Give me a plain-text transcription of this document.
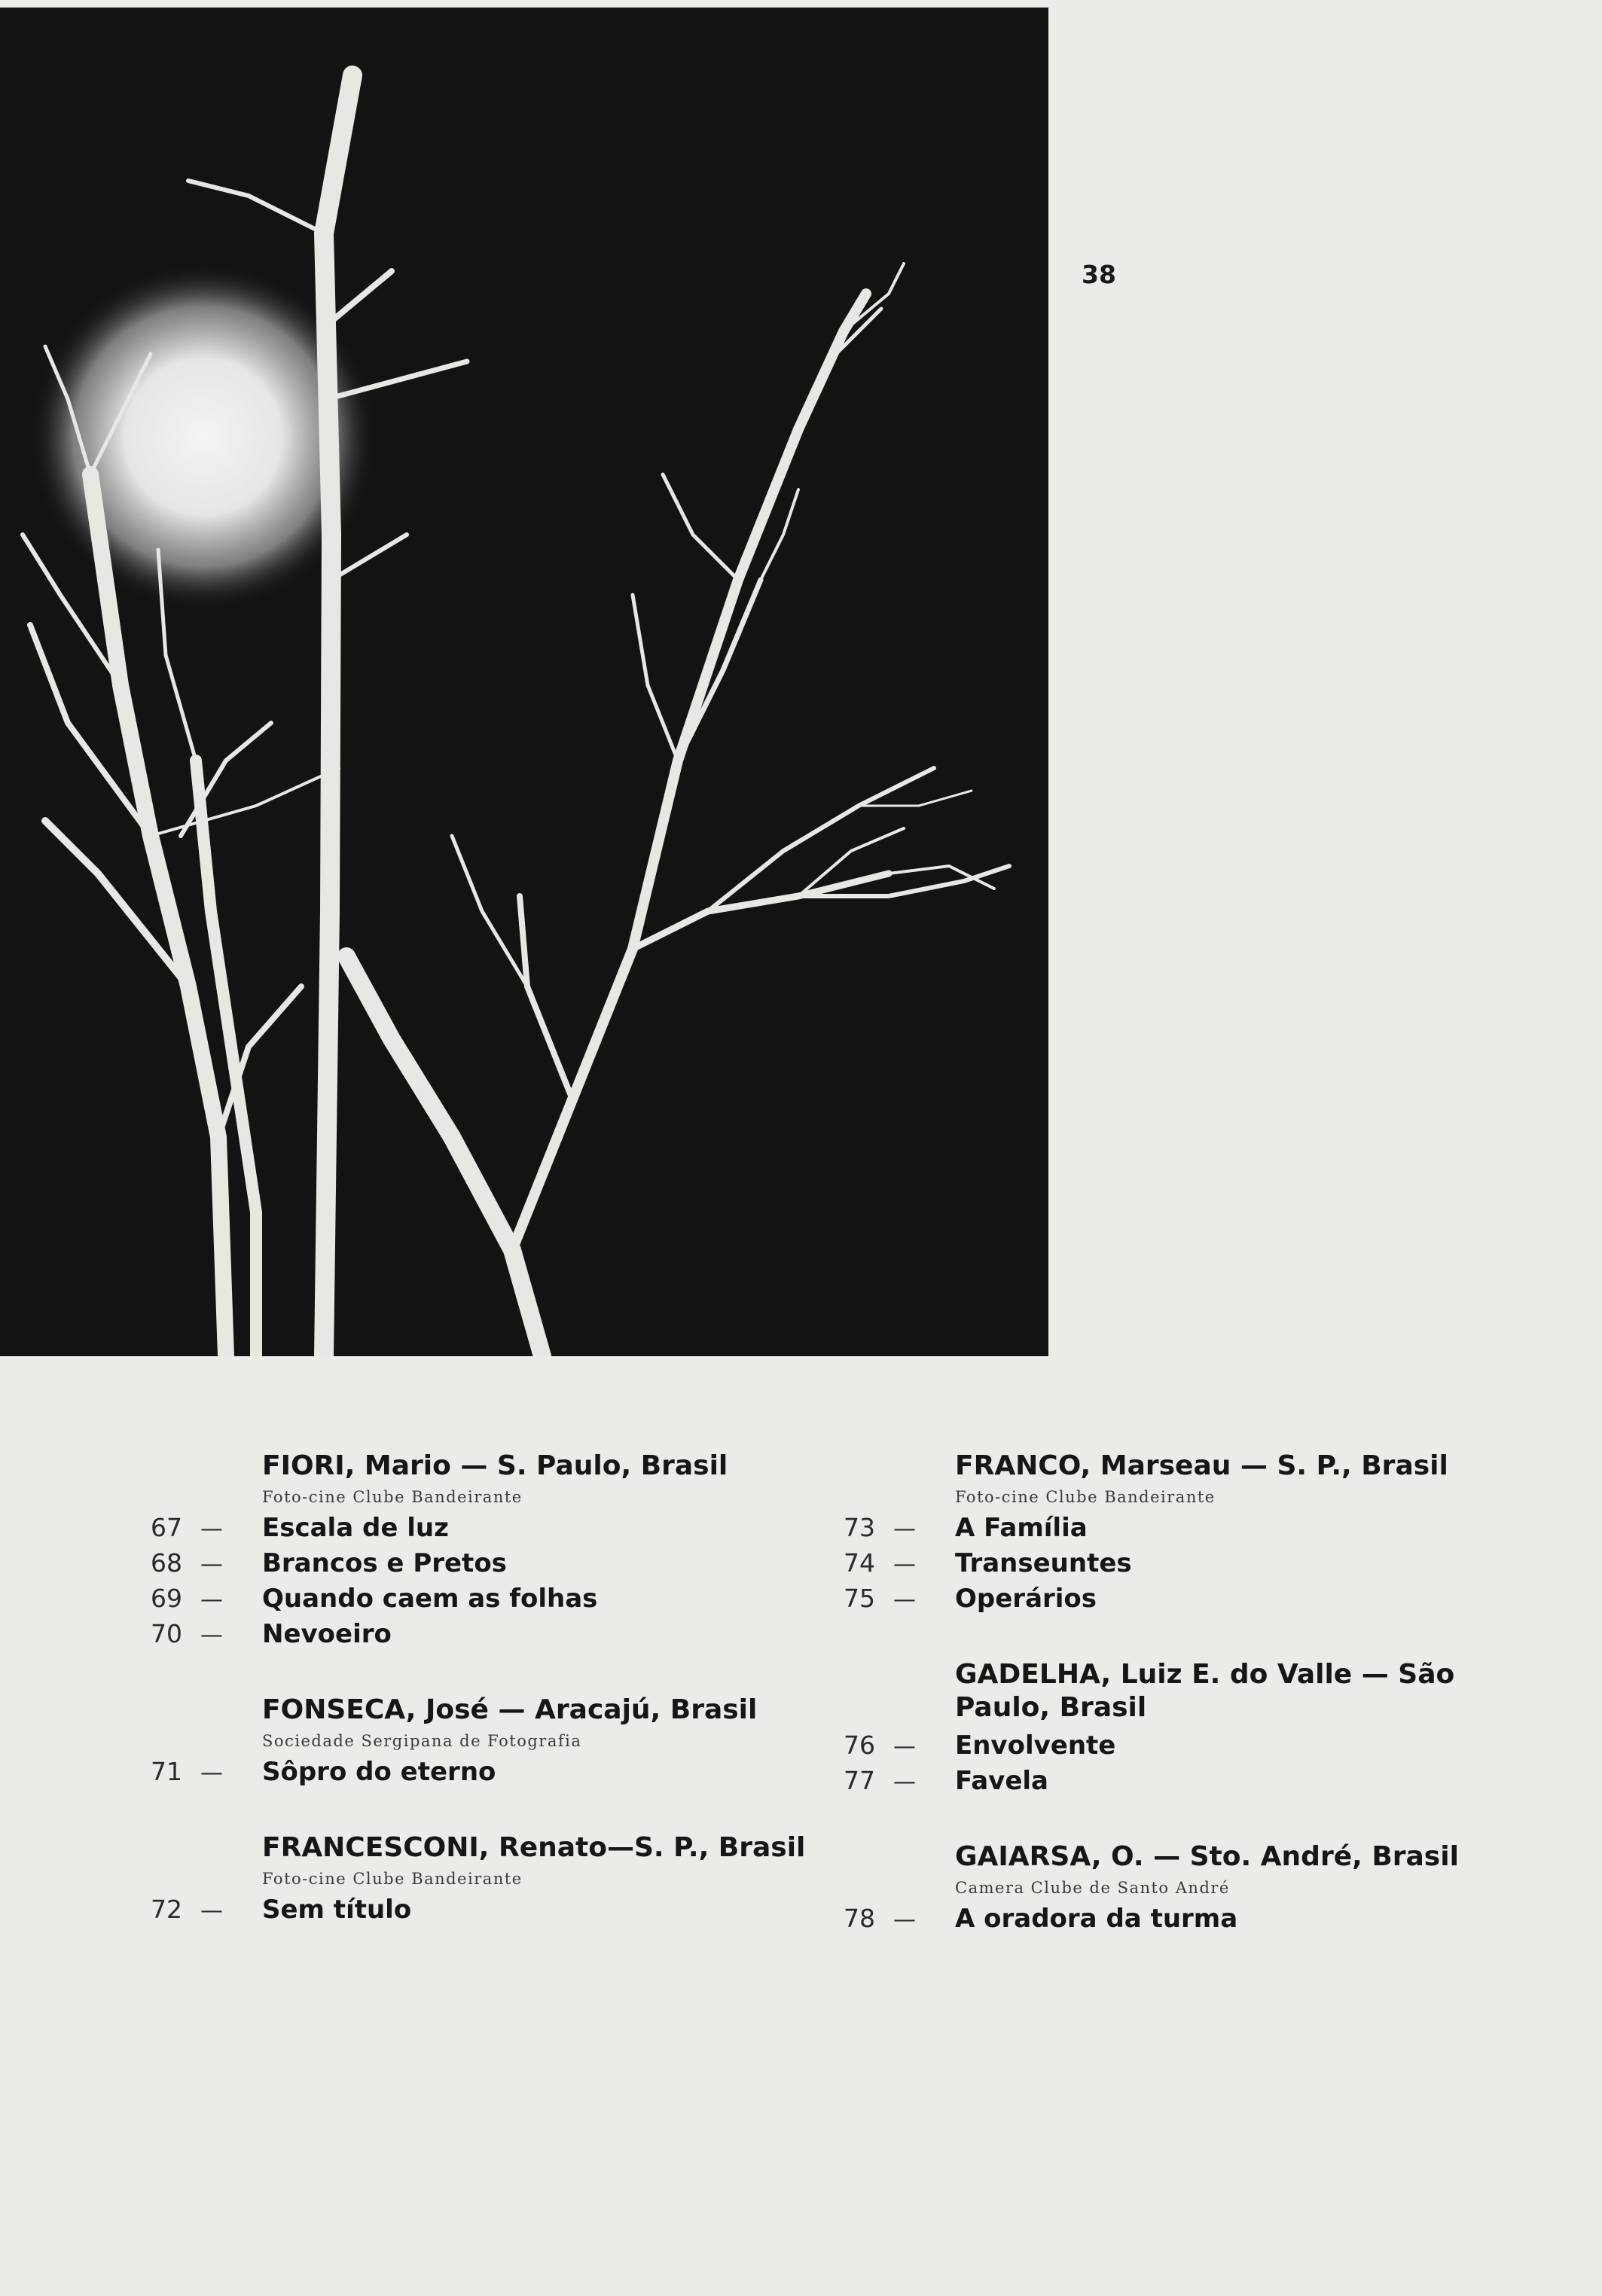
38
FIORI, Mario — S. Paulo, Brasil
Foto-cine Clube Bandeirante
67 —	Escala de luz
68 —	Brancos e Pretos
69 —	Quando caem as folhas
70 —	Nevoeiro
FONSECA, José — Aracajú, Brasil
Sociedade Sergipana de Fotografia
71 —	Sôpro do eterno
FRANCESCONI, Renato—S. P., Brasil
Foto-cine Clube Bandeirante
72 —	Sem título
FRANCO, Marseau — S. P., Brasil
Foto-cine Clube Bandeirante
73 —	A Família
74 —	Transeuntes
75 —	Operários
GADELHA, Luiz E. do Valle — São Paulo, Brasil
76 —	Envolvente
77 —	Favela
GAIARSA, O. — Sto. André, Brasil
Camera Clube de Santo André
78 —	A oradora da turma
